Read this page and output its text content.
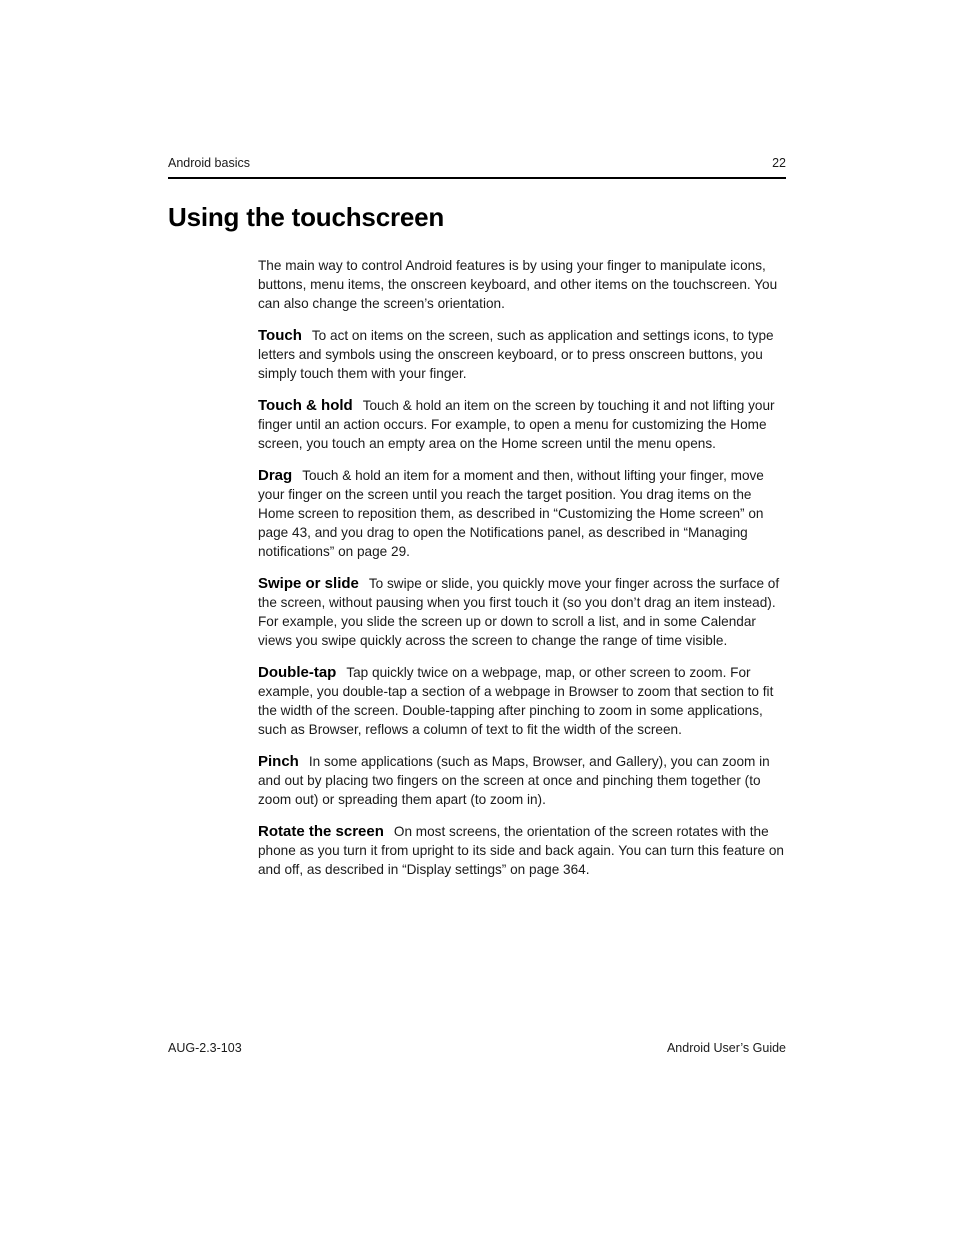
Android basics	22
Using the touchscreen

The main way to control Android features is by using your finger to manipulate icons, buttons, menu items, the onscreen keyboard, and other items on the touchscreen. You can also change the screen’s orientation.

Touch To act on items on the screen, such as application and settings icons, to type letters and symbols using the onscreen keyboard, or to press onscreen buttons, you simply touch them with your finger.

Touch & hold Touch & hold an item on the screen by touching it and not lifting your finger until an action occurs. For example, to open a menu for customizing the Home screen, you touch an empty area on the Home screen until the menu opens.

Drag Touch & hold an item for a moment and then, without lifting your finger, move your finger on the screen until you reach the target position. You drag items on the Home screen to reposition them, as described in “Customizing the Home screen” on page 43, and you drag to open the Notifications panel, as described in “Managing notifications” on page 29.

Swipe or slide To swipe or slide, you quickly move your finger across the surface of the screen, without pausing when you first touch it (so you don’t drag an item instead). For example, you slide the screen up or down to scroll a list, and in some Calendar views you swipe quickly across the screen to change the range of time visible.

Double-tap Tap quickly twice on a webpage, map, or other screen to zoom. For example, you double-tap a section of a webpage in Browser to zoom that section to fit the width of the screen. Double-tapping after pinching to zoom in some applications, such as Browser, reflows a column of text to fit the width of the screen.

Pinch In some applications (such as Maps, Browser, and Gallery), you can zoom in and out by placing two fingers on the screen at once and pinching them together (to zoom out) or spreading them apart (to zoom in).

Rotate the screen On most screens, the orientation of the screen rotates with the phone as you turn it from upright to its side and back again. You can turn this feature on and off, as described in “Display settings” on page 364.

AUG-2.3-103	Android User’s Guide
